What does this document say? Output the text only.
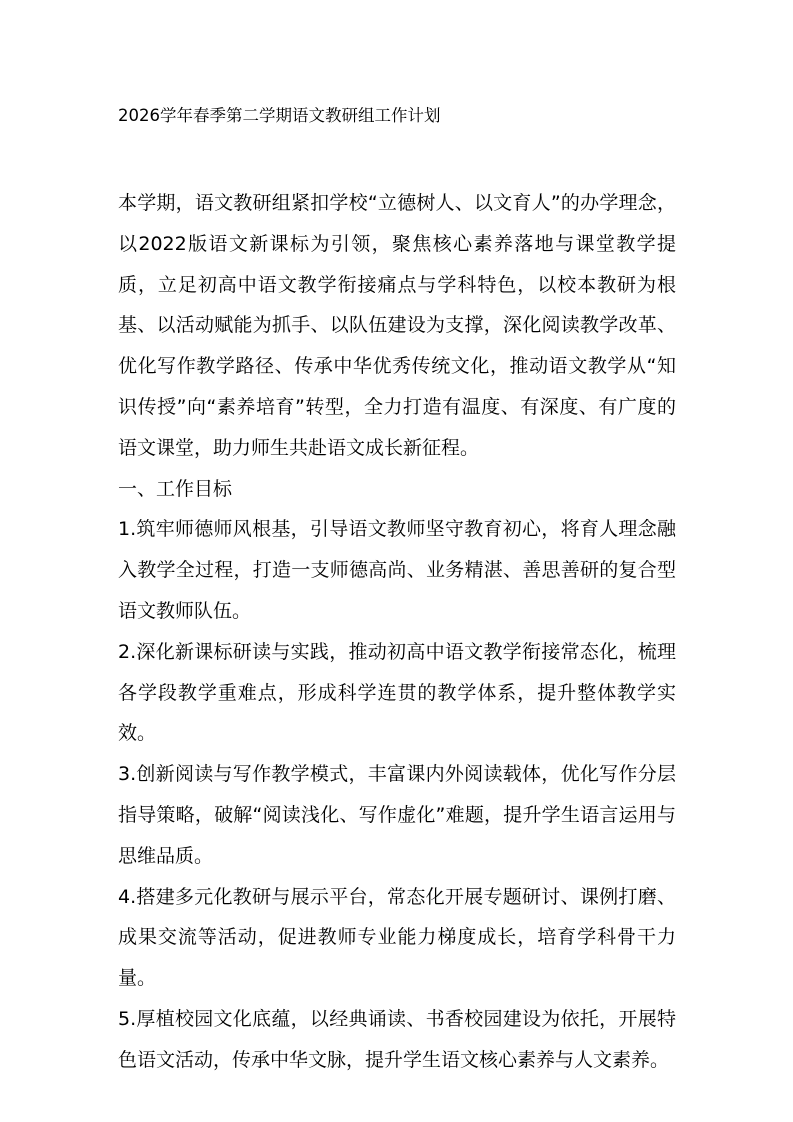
2026学年春季第二学期语文教研组工作计划

本学期，语文教研组紧扣学校“立德树人、以文育人”的办学理念，以2022版语文新课标为引领，聚焦核心素养落地与课堂教学提质，立足初高中语文教学衔接痛点与学科特色，以校本教研为根基、以活动赋能为抓手、以队伍建设为支撑，深化阅读教学改革、优化写作教学路径、传承中华优秀传统文化，推动语文教学从“知识传授”向“素养培育”转型，全力打造有温度、有深度、有广度的语文课堂，助力师生共赴语文成长新征程。

一、工作目标

1.筑牢师德师风根基，引导语文教师坚守教育初心，将育人理念融入教学全过程，打造一支师德高尚、业务精湛、善思善研的复合型语文教师队伍。

2.深化新课标研读与实践，推动初高中语文教学衔接常态化，梳理各学段教学重难点，形成科学连贯的教学体系，提升整体教学实效。

3.创新阅读与写作教学模式，丰富课内外阅读载体，优化写作分层指导策略，破解“阅读浅化、写作虚化”难题，提升学生语言运用与思维品质。

4.搭建多元化教研与展示平台，常态化开展专题研讨、课例打磨、成果交流等活动，促进教师专业能力梯度成长，培育学科骨干力量。

5.厚植校园文化底蕴，以经典诵读、书香校园建设为依托，开展特色语文活动，传承中华文脉，提升学生语文核心素养与人文素养。
